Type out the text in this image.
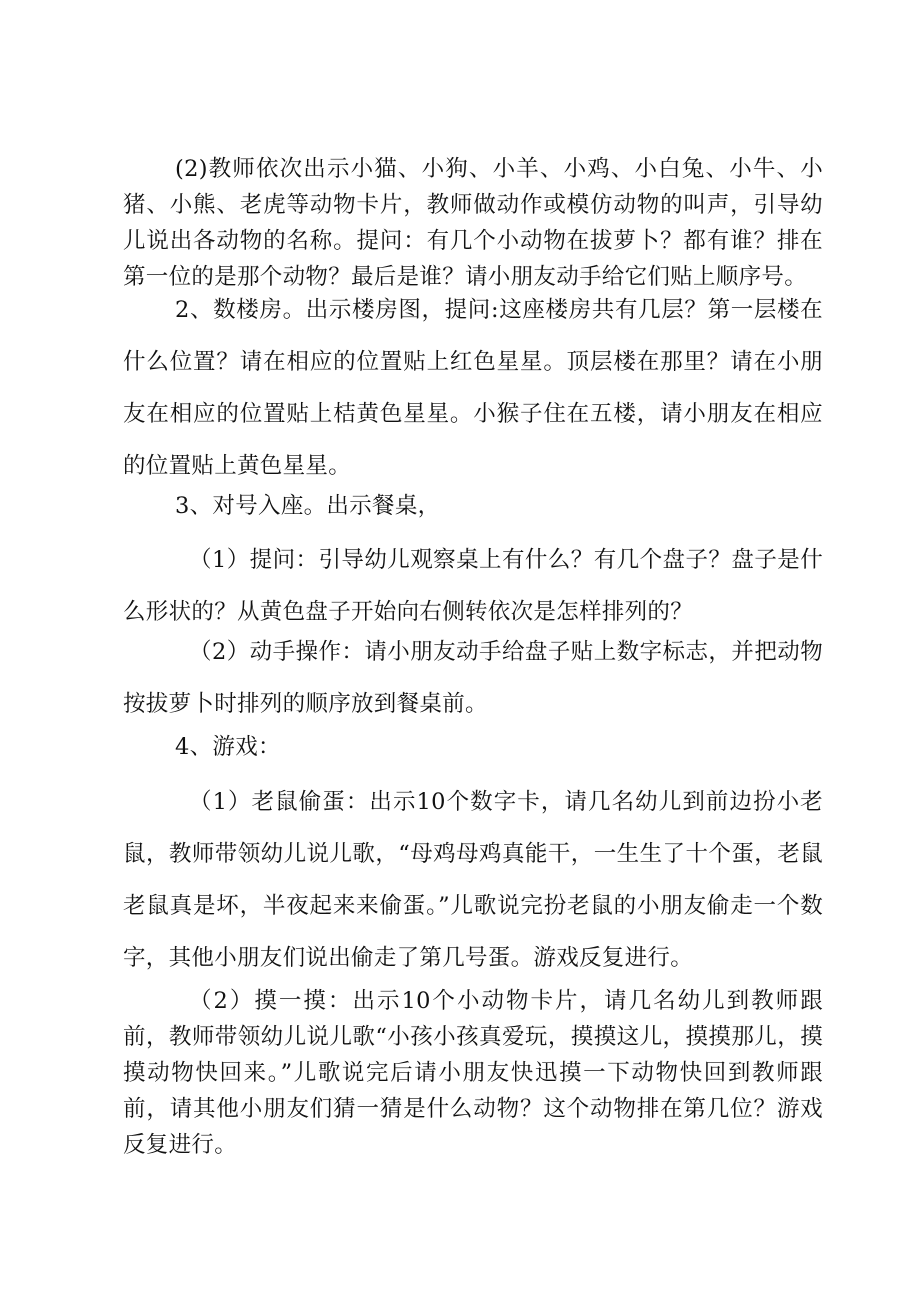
(2)教师依次出示小猫、小狗、小羊、小鸡、小白兔、小牛、小猪、小熊、老虎等动物卡片，教师做动作或模仿动物的叫声，引导幼儿说出各动物的名称。提问：有几个小动物在拔萝卜？都有谁？排在第一位的是那个动物？最后是谁？请小朋友动手给它们贴上顺序号。

2、数楼房。出示楼房图，提问:这座楼房共有几层？第一层楼在什么位置？请在相应的位置贴上红色星星。顶层楼在那里？请在小朋友在相应的位置贴上桔黄色星星。小猴子住在五楼，请小朋友在相应的位置贴上黄色星星。

3、对号入座。出示餐桌，

（1）提问：引导幼儿观察桌上有什么？有几个盘子？盘子是什么形状的？从黄色盘子开始向右侧转依次是怎样排列的？

（2）动手操作：请小朋友动手给盘子贴上数字标志，并把动物按拔萝卜时排列的顺序放到餐桌前。

4、游戏：

（1）老鼠偷蛋：出示10个数字卡，请几名幼儿到前边扮小老鼠，教师带领幼儿说儿歌，“母鸡母鸡真能干，一生生了十个蛋，老鼠老鼠真是坏，半夜起来来偷蛋。”儿歌说完扮老鼠的小朋友偷走一个数字，其他小朋友们说出偷走了第几号蛋。游戏反复进行。

（2）摸一摸：出示10个小动物卡片，请几名幼儿到教师跟前，教师带领幼儿说儿歌“小孩小孩真爱玩，摸摸这儿，摸摸那儿，摸摸动物快回来。”儿歌说完后请小朋友快迅摸一下动物快回到教师跟前，请其他小朋友们猜一猜是什么动物？这个动物排在第几位？游戏反复进行。
